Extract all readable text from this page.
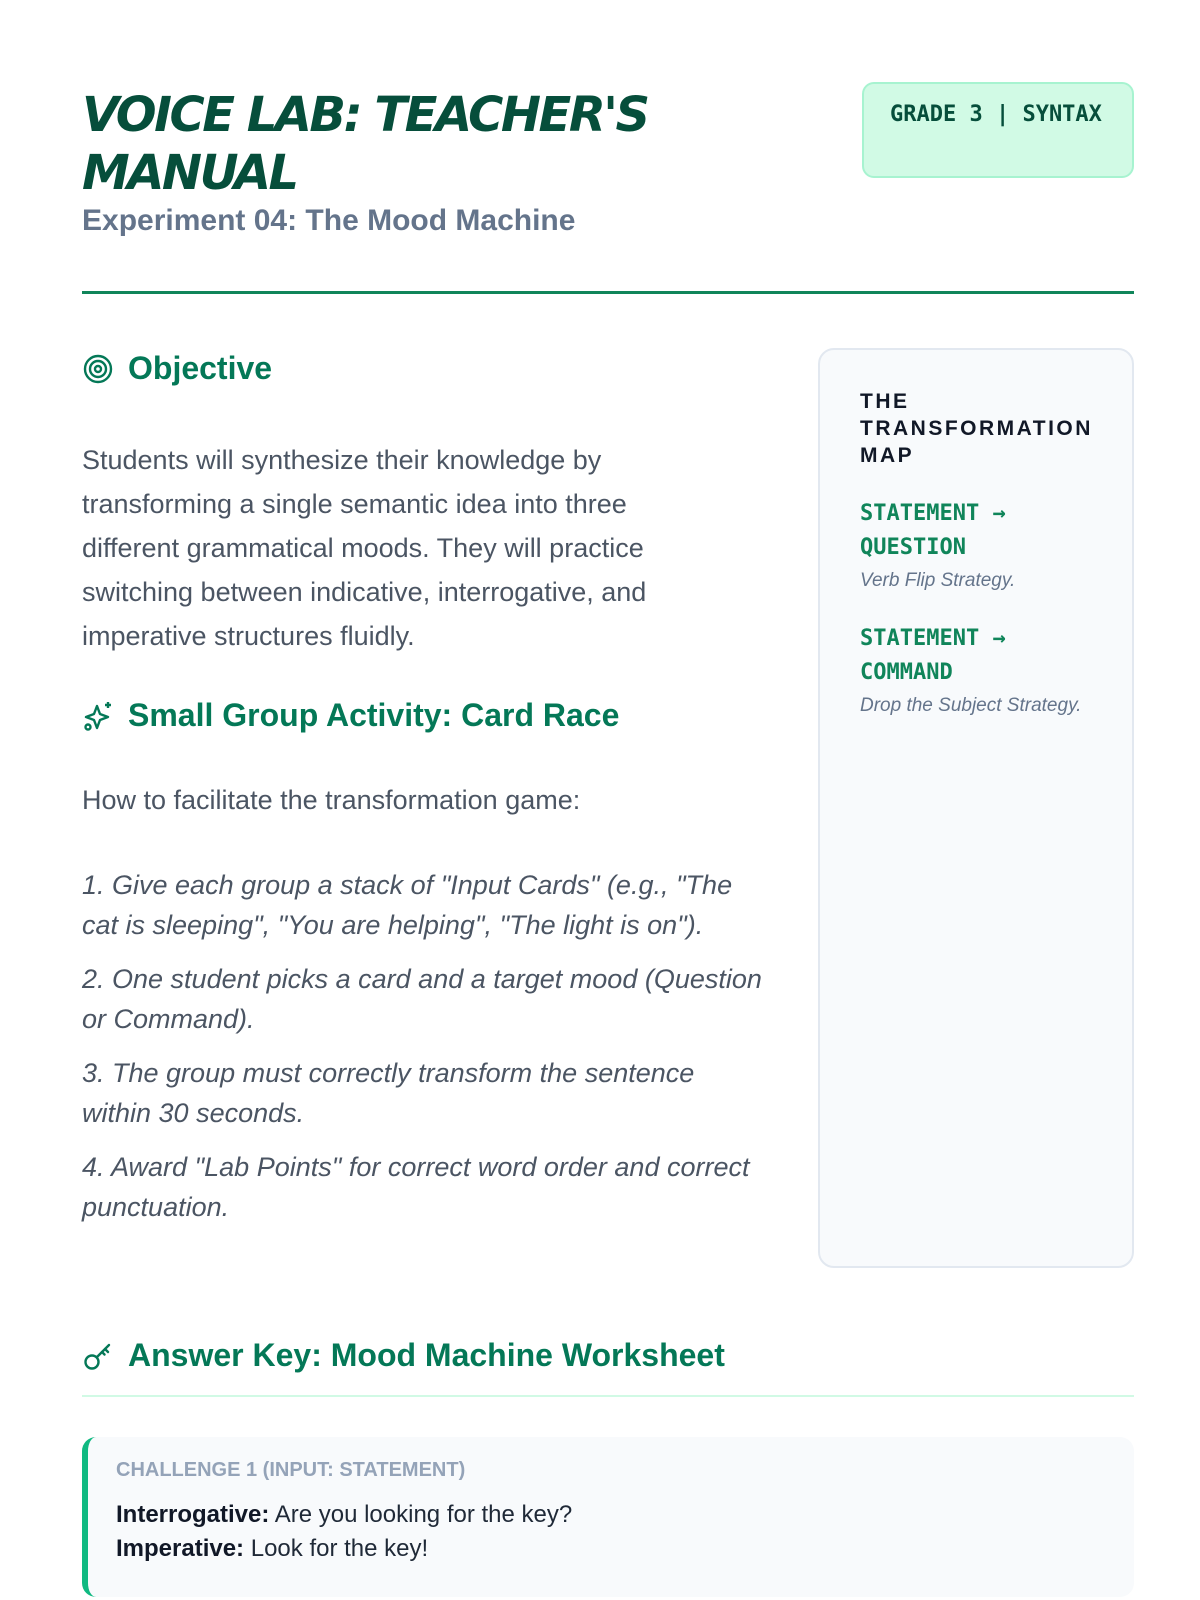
VOICE LAB: TEACHER'S MANUAL
Experiment 04: The Mood Machine
GRADE 3 | SYNTAX
Objective

Students will synthesize their knowledge by transforming a single semantic idea into three different grammatical moods. They will practice switching between indicative, interrogative, and imperative structures fluidly.

Small Group Activity: Card Race
How to facilitate the transformation game:
1. Give each group a stack of "Input Cards" (e.g., "The cat is sleeping", "You are helping", "The light is on").
2. One student picks a card and a target mood (Question or Command).
3. The group must correctly transform the sentence within 30 seconds.
4. Award "Lab Points" for correct word order and correct punctuation.
THE TRANSFORMATION MAP
STATEMENT → QUESTION
Verb Flip Strategy.
STATEMENT → COMMAND
Drop the Subject Strategy.
Answer Key: Mood Machine Worksheet
CHALLENGE 1 (INPUT: STATEMENT)
Interrogative: Are you looking for the key?
Imperative: Look for the key!
